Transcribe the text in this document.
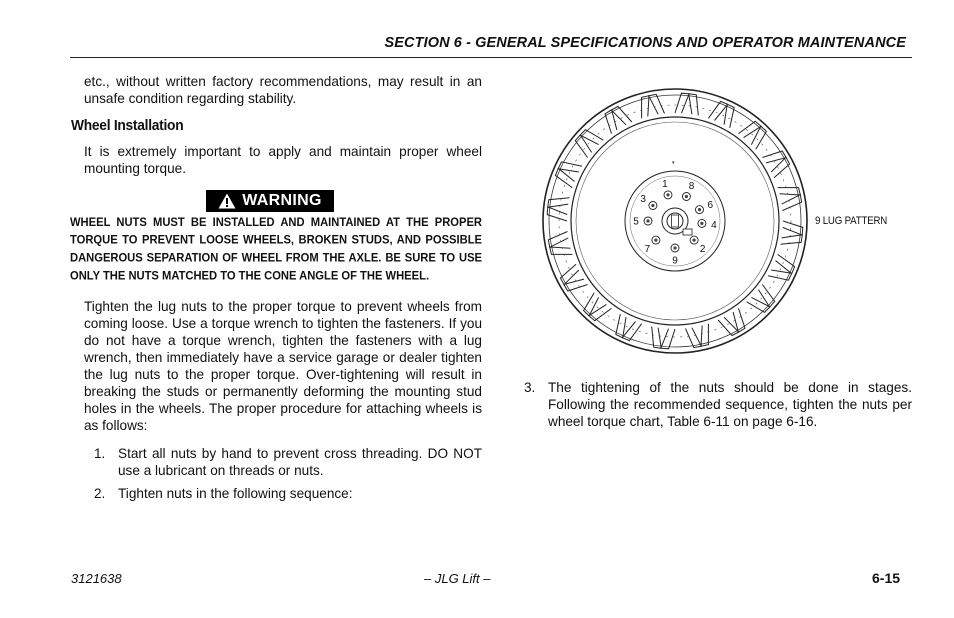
SECTION 6 - GENERAL SPECIFICATIONS AND OPERATOR MAINTENANCE

etc., without written factory recommendations, may result in an unsafe condition regarding stability.

Wheel Installation

It is extremely important to apply and maintain proper wheel mounting torque.

WARNING

WHEEL NUTS MUST BE INSTALLED AND MAINTAINED AT THE PROPER TORQUE TO PREVENT LOOSE WHEELS, BROKEN STUDS, AND POSSIBLE DANGEROUS SEPARATION OF WHEEL FROM THE AXLE. BE SURE TO USE ONLY THE NUTS MATCHED TO THE CONE ANGLE OF THE WHEEL.

Tighten the lug nuts to the proper torque to prevent wheels from coming loose. Use a torque wrench to tighten the fasteners. If you do not have a torque wrench, tighten the fasteners with a lug wrench, then immediately have a service garage or dealer tighten the lug nuts to the proper torque. Over-tightening will result in breaking the studs or permanently deforming the mounting stud holes in the wheels. The proper procedure for attaching wheels is as follows:

1. Start all nuts by hand to prevent cross threading. DO NOT use a lubricant on threads or nuts.
2. Tighten nuts in the following sequence:
1
2
3
4
5
6
7
8
9
▾
9 LUG PATTERN
3. The tightening of the nuts should be done in stages. Following the recommended sequence, tighten the nuts per wheel torque chart, Table 6-11 on page 6-16.
3121638	– JLG Lift –	6-15
